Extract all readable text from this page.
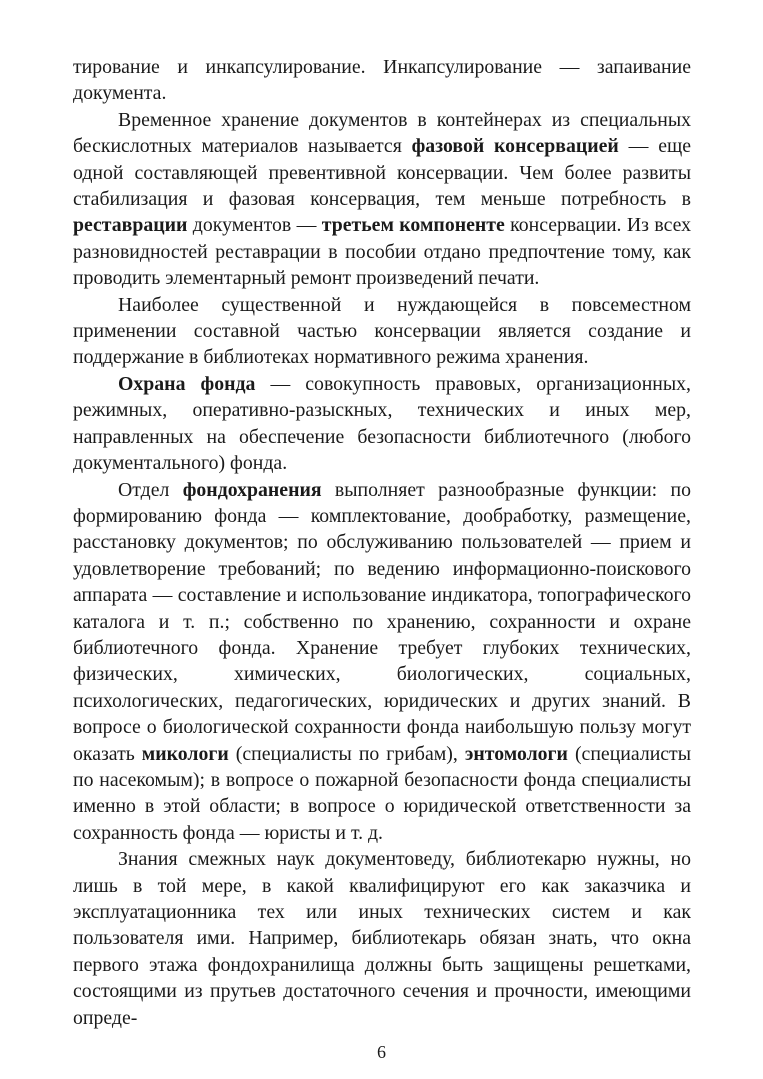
тирование и инкапсулирование. Инкапсулирование — запаивание документа.

Временное хранение документов в контейнерах из специальных бескислотных материалов называется фазовой консервацией — еще одной составляющей превентивной консервации. Чем более развиты стабилизация и фазовая консервация, тем меньше потребность в реставрации документов — третьем компоненте консервации. Из всех разновидностей реставрации в пособии отдано предпочтение тому, как проводить элементарный ремонт произведений печати.

Наиболее существенной и нуждающейся в повсеместном применении составной частью консервации является создание и поддержание в библиотеках нормативного режима хранения.

Охрана фонда — совокупность правовых, организационных, режимных, оперативно-разыскных, технических и иных мер, направленных на обеспечение безопасности библиотечного (любого документального) фонда.

Отдел фондохранения выполняет разнообразные функции: по формированию фонда — комплектование, дообработку, размещение, расстановку документов; по обслуживанию пользователей — прием и удовлетворение требований; по ведению информационно-поискового аппарата — составление и использование индикатора, топографического каталога и т. п.; собственно по хранению, сохранности и охране библиотечного фонда. Хранение требует глубоких технических, физических, химических, биологических, социальных, психологических, педагогических, юридических и других знаний. В вопросе о биологической сохранности фонда наибольшую пользу могут оказать микологи (специалисты по грибам), энтомологи (специалисты по насекомым); в вопросе о пожарной безопасности фонда специалисты именно в этой области; в вопросе о юридической ответственности за сохранность фонда — юристы и т. д.

Знания смежных наук документоведу, библиотекарю нужны, но лишь в той мере, в какой квалифицируют его как заказчика и эксплуатационника тех или иных технических систем и как пользователя ими. Например, библиотекарь обязан знать, что окна первого этажа фондохранилища должны быть защищены решетками, состоящими из прутьев достаточного сечения и прочности, имеющими опреде-

6
